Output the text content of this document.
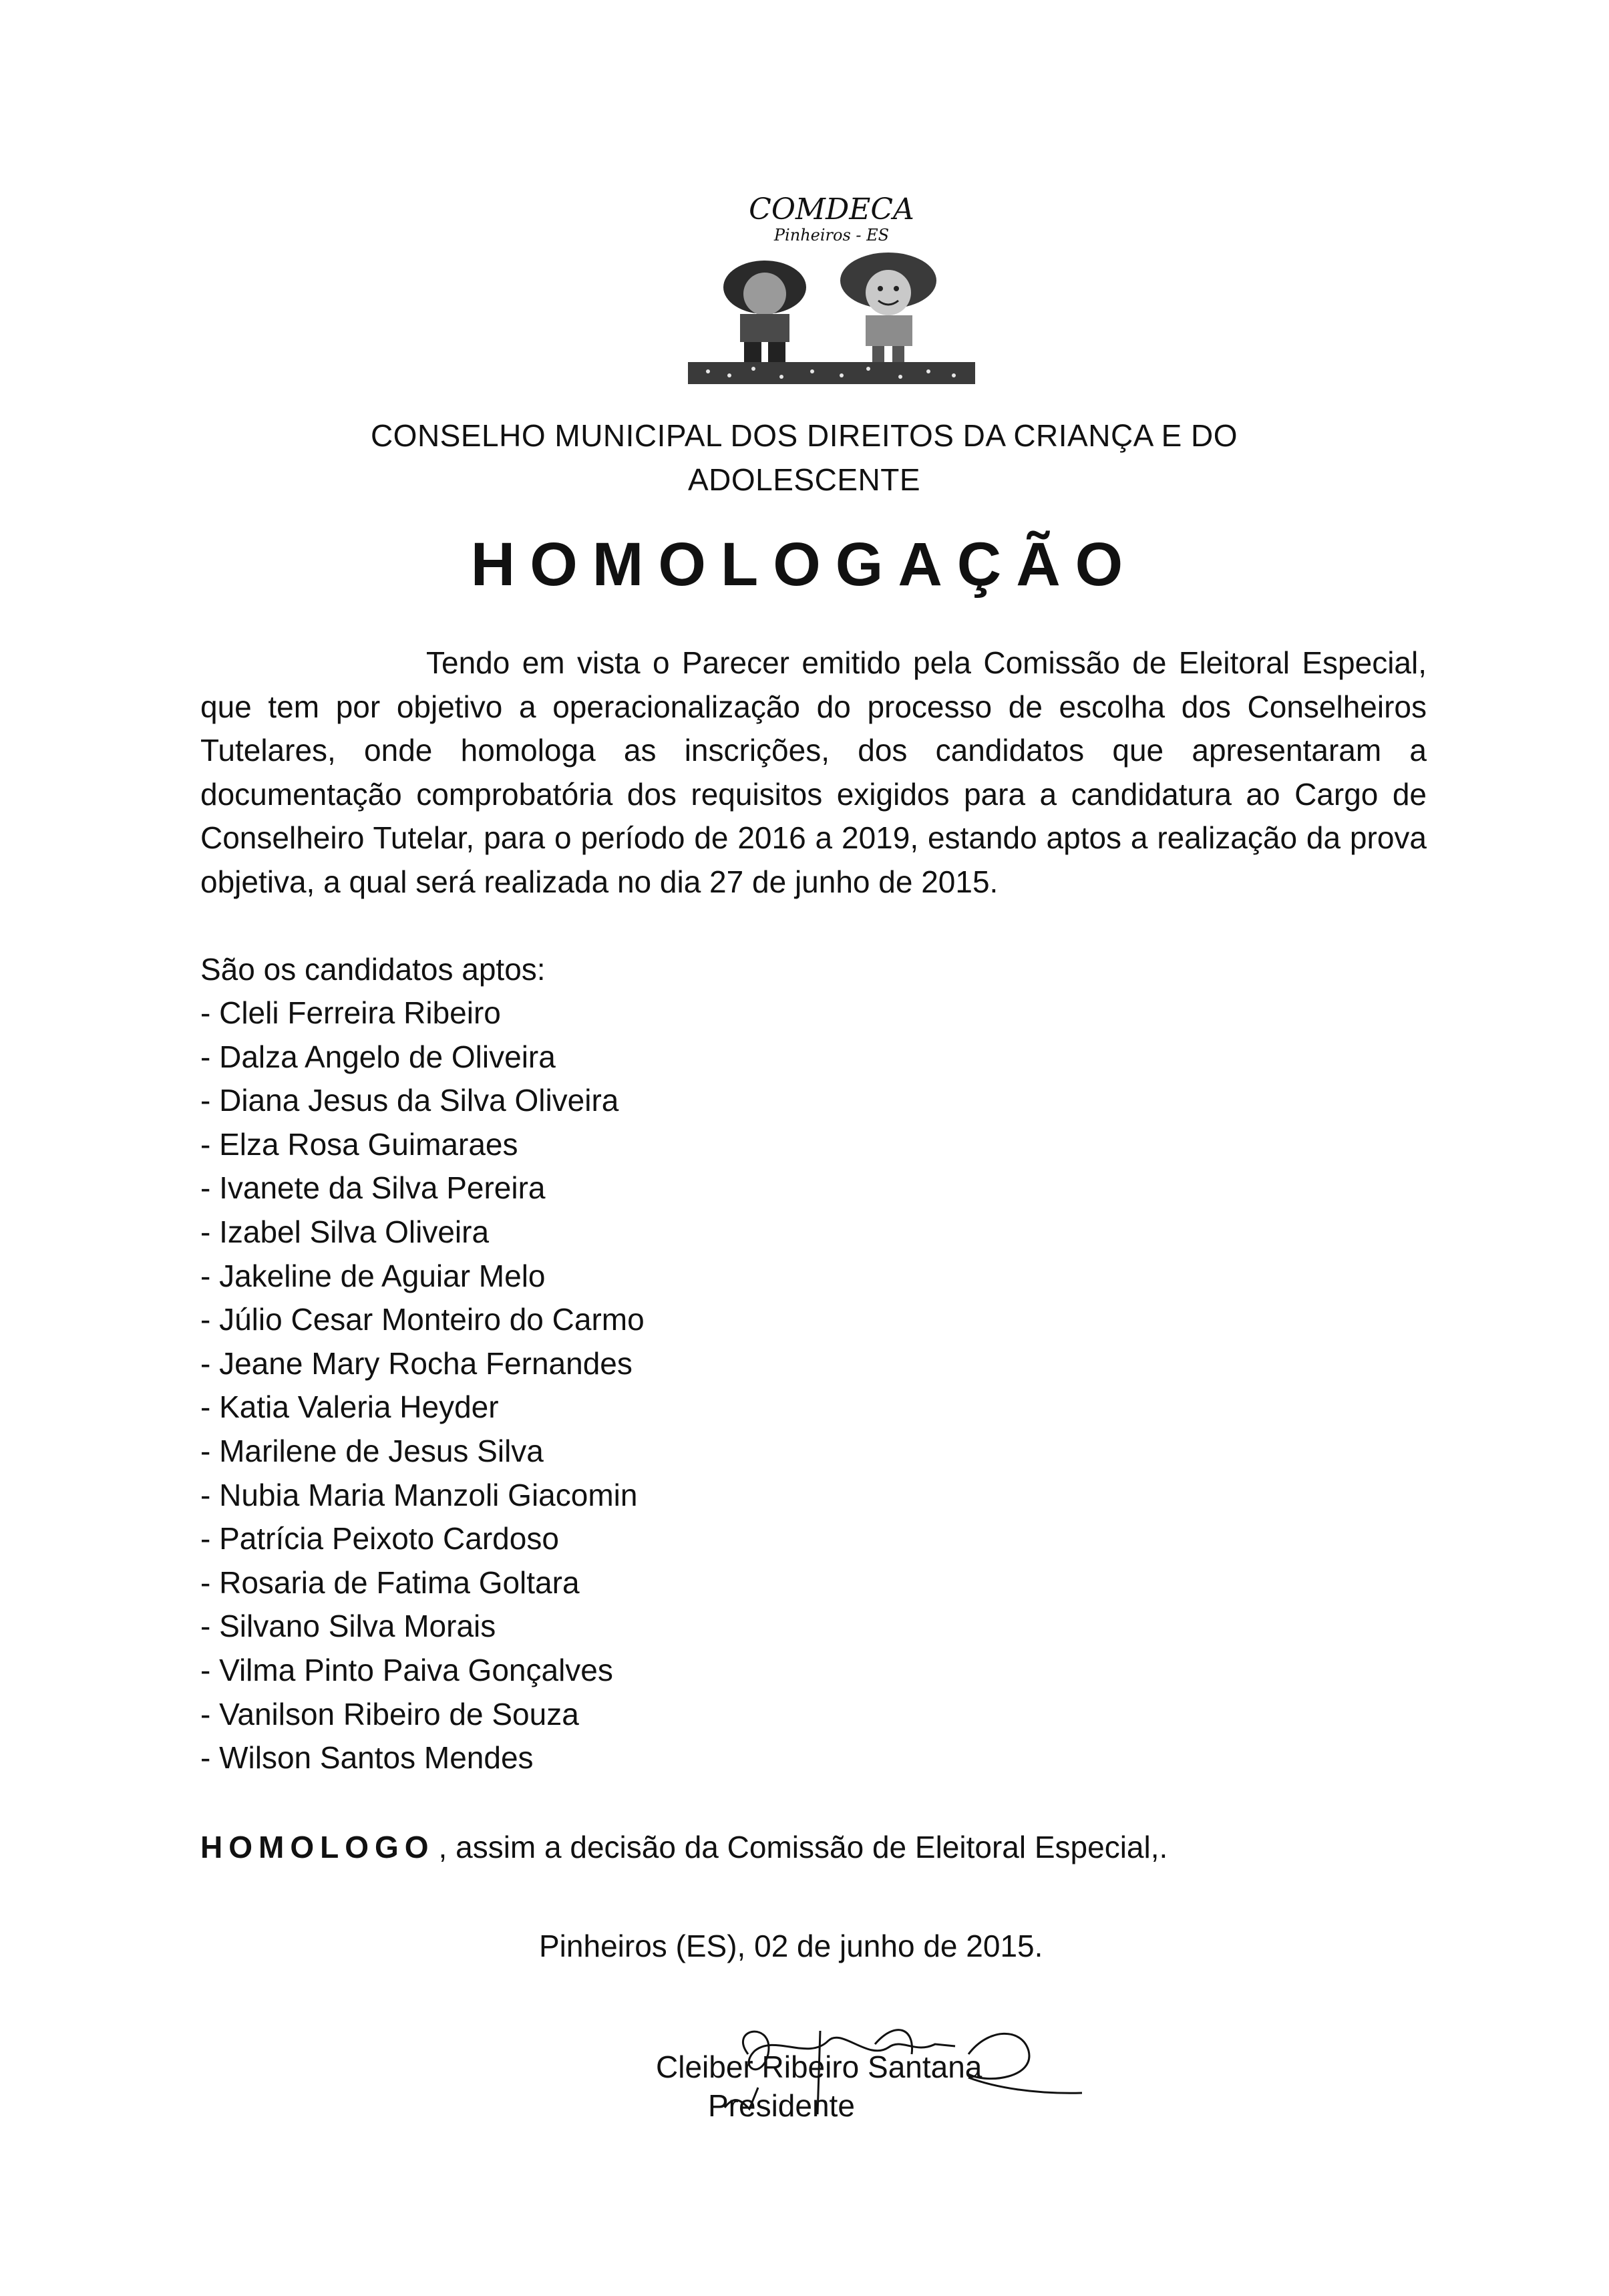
COMDECA
Pinheiros - ES
CONSELHO MUNICIPAL DOS DIREITOS DA CRIANÇA E DO
ADOLESCENTE
HOMOLOGAÇÃO

Tendo em vista o Parecer emitido pela Comissão de Eleitoral Especial, que tem por objetivo a operacionalização do processo de escolha dos Conselheiros Tutelares, onde homologa as inscrições, dos candidatos que apresentaram a documentação comprobatória dos requisitos exigidos para a candidatura ao Cargo de Conselheiro Tutelar, para o período de 2016 a 2019, estando aptos a realização da prova objetiva, a qual será realizada no dia 27 de junho de 2015.

São os candidatos aptos:
- Cleli Ferreira Ribeiro
- Dalza Angelo de Oliveira
- Diana Jesus da Silva Oliveira
- Elza Rosa Guimaraes
- Ivanete da Silva Pereira
- Izabel Silva Oliveira
- Jakeline de Aguiar Melo
- Júlio Cesar Monteiro do Carmo
- Jeane Mary Rocha Fernandes
- Katia Valeria Heyder
- Marilene de Jesus Silva
- Nubia Maria Manzoli Giacomin
- Patrícia Peixoto Cardoso
- Rosaria de Fatima Goltara
- Silvano Silva Morais
- Vilma Pinto Paiva Gonçalves
- Vanilson Ribeiro de Souza
- Wilson Santos Mendes
HOMOLOGO , assim a decisão da Comissão de Eleitoral Especial,.
Pinheiros (ES), 02 de junho de 2015.
Cleiber Ribeiro Santana
Presidente
